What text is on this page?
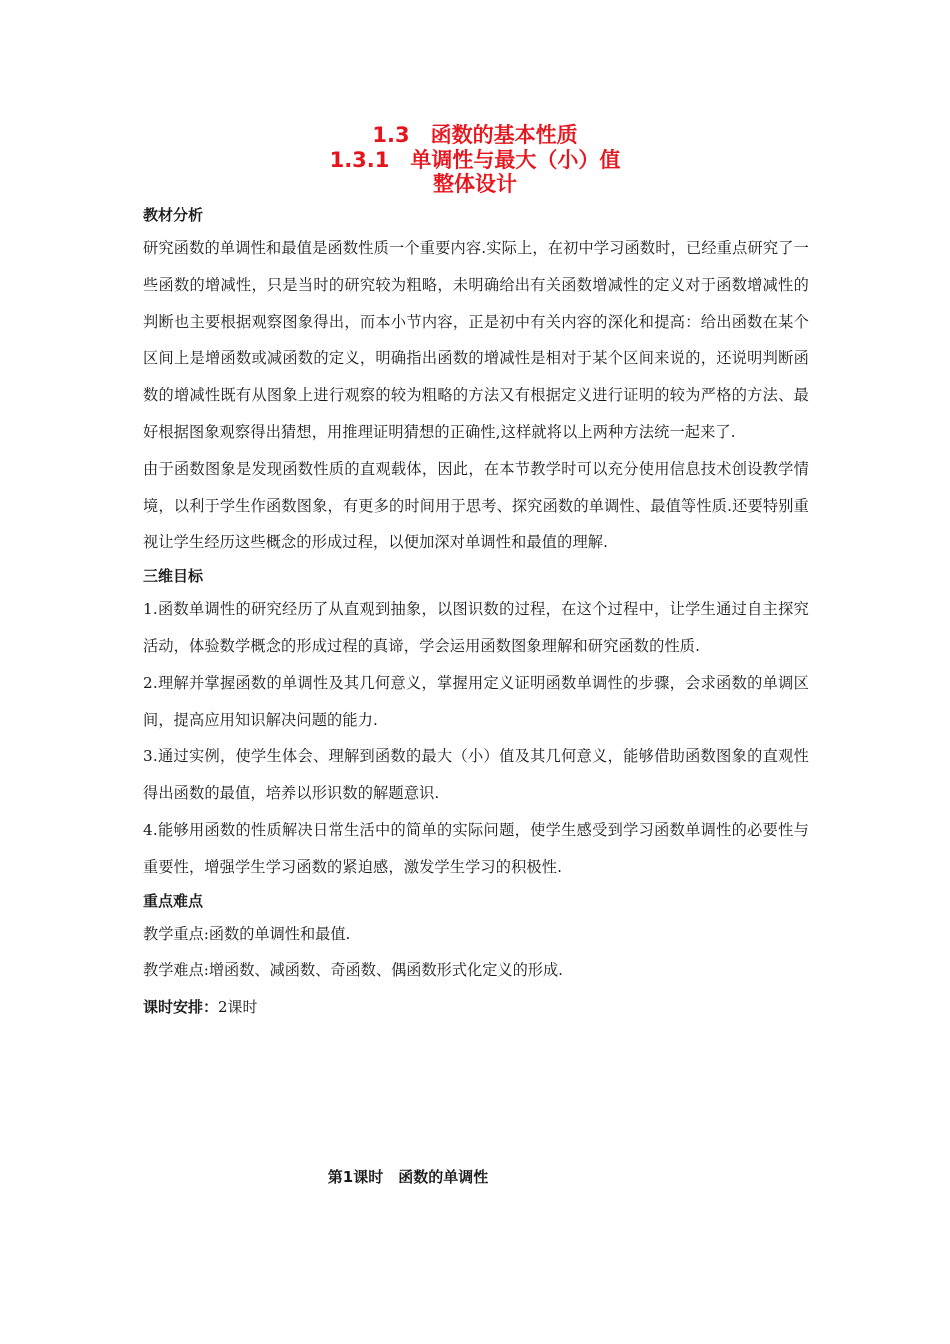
1.3　函数的基本性质
1.3.1　单调性与最大（小）值
整体设计
教材分析
研究函数的单调性和最值是函数性质一个重要内容.实际上，在初中学习函数时，已经重点研究了一些函数的增减性，只是当时的研究较为粗略，未明确给出有关函数增减性的定义对于函数增减性的判断也主要根据观察图象得出，而本小节内容，正是初中有关内容的深化和提高：给出函数在某个区间上是增函数或减函数的定义，明确指出函数的增减性是相对于某个区间来说的，还说明判断函数的增减性既有从图象上进行观察的较为粗略的方法又有根据定义进行证明的较为严格的方法、最好根据图象观察得出猜想，用推理证明猜想的正确性,这样就将以上两种方法统一起来了.
由于函数图象是发现函数性质的直观载体，因此，在本节教学时可以充分使用信息技术创设教学情境，以利于学生作函数图象，有更多的时间用于思考、探究函数的单调性、最值等性质.还要特别重视让学生经历这些概念的形成过程，以便加深对单调性和最值的理解.
三维目标
1.函数单调性的研究经历了从直观到抽象，以图识数的过程，在这个过程中，让学生通过自主探究活动，体验数学概念的形成过程的真谛，学会运用函数图象理解和研究函数的性质.
2.理解并掌握函数的单调性及其几何意义，掌握用定义证明函数单调性的步骤，会求函数的单调区间，提高应用知识解决问题的能力.
3.通过实例，使学生体会、理解到函数的最大（小）值及其几何意义，能够借助函数图象的直观性得出函数的最值，培养以形识数的解题意识.
4.能够用函数的性质解决日常生活中的简单的实际问题，使学生感受到学习函数单调性的必要性与重要性，增强学生学习函数的紧迫感，激发学生学习的积极性.
重点难点
教学重点:函数的单调性和最值.
教学难点:增函数、减函数、奇函数、偶函数形式化定义的形成.
课时安排：2课时
第1课时　函数的单调性
